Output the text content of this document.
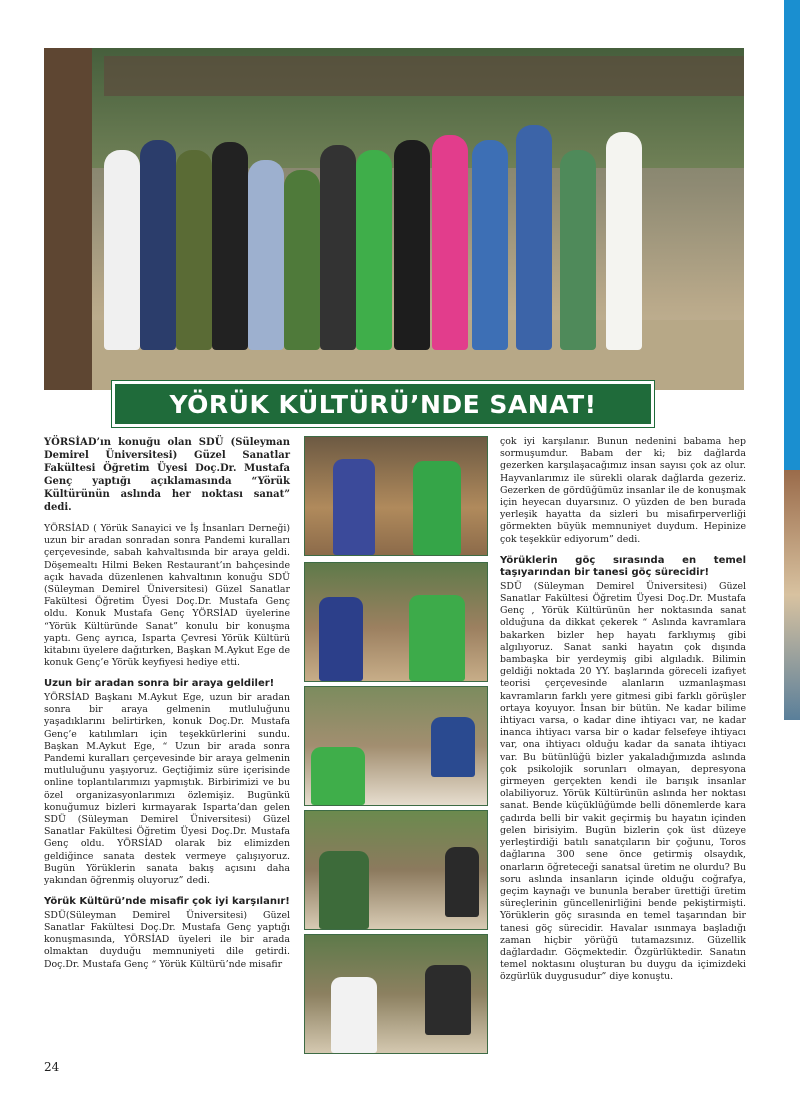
YÖRÜK KÜLTÜRÜ’NDE SANAT!

YÖRSİAD’ın konuğu olan SDÜ (Süleyman Demirel Üniversitesi) Güzel Sanatlar Fakültesi Öğretim Üyesi Doç.Dr. Mustafa Genç yaptığı açıklamasında “Yörük Kültürünün aslında her noktası sanat” dedi.

YÖRSİAD ( Yörük Sanayici ve İş İnsanları Derneği) uzun bir aradan sonradan sonra Pandemi kuralları çerçevesinde, sabah kahvaltısında bir araya geldi. Döşemealtı Hilmi Beken Restaurant’ın bahçesinde açık havada düzenlenen kahvaltının konuğu SDÜ (Süleyman Demirel Üniversitesi) Güzel Sanatlar Fakültesi Öğretim Üyesi Doç.Dr. Mustafa Genç oldu. Konuk Mustafa Genç YÖRSİAD üyelerine “Yörük Kültüründe Sanat” konulu bir konuşma yaptı. Genç ayrıca, Isparta Çevresi Yörük Kültürü kitabını üyelere dağıtırken, Başkan M.Aykut Ege de konuk Genç’e Yörük keyfiyesi hediye etti.

Uzun bir aradan sonra bir araya geldiler!

YÖRSİAD Başkanı M.Aykut Ege, uzun bir aradan sonra bir araya gelmenin mutluluğunu yaşadıklarını belirtirken, konuk Doç.Dr. Mustafa Genç’e katılımları için teşekkürlerini sundu. Başkan M.Aykut Ege, “ Uzun bir arada sonra Pandemi kuralları çerçevesinde bir araya gelmenin mutluluğunu yaşıyoruz. Geçtiğimiz süre içerisinde online toplantılarımızı yapmıştık. Birbirimizi ve bu özel organizasyonlarımızı özlemişiz. Bugünkü konuğumuz bizleri kırmayarak Isparta’dan gelen SDÜ (Süleyman Demirel Üniversitesi) Güzel Sanatlar Fakültesi Öğretim Üyesi Doç.Dr. Mustafa Genç oldu. YÖRSİAD olarak biz elimizden geldiğince sanata destek vermeye çalışıyoruz. Bugün Yörüklerin sanata bakış açısını daha yakından öğrenmiş oluyoruz” dedi.

Yörük Kültürü’nde misafir çok iyi karşılanır!

SDÜ(Süleyman Demirel Üniversitesi) Güzel Sanatlar Fakültesi Doç.Dr. Mustafa Genç yaptığı konuşmasında, YÖRSİAD üyeleri ile bir arada olmaktan duyduğu memnuniyeti dile getirdi. Doç.Dr. Mustafa Genç “ Yörük Kültürü’nde misafir

çok iyi karşılanır. Bunun nedenini babama hep sormuşumdur. Babam der ki; biz dağlarda gezerken karşılaşacağımız insan sayısı çok az olur. Hayvanlarımız ile sürekli olarak dağlarda gezeriz. Gezerken de gördüğümüz insanlar ile de konuşmak için heyecan duyarsınız. O yüzden de ben burada yerleşik hayatta da sizleri bu misafirperverliği görmekten büyük memnuniyet duydum. Hepinize çok teşekkür ediyorum” dedi.

Yörüklerin göç sırasında en temel taşıyarından bir tanesi göç sürecidir!

SDÜ (Süleyman Demirel Üniversitesi) Güzel Sanatlar Fakültesi Öğretim Üyesi Doç.Dr. Mustafa Genç , Yörük Kültürünün her noktasında sanat olduğuna da dikkat çekerek “ Aslında kavramlara bakarken bizler hep hayatı farklıymış gibi algılıyoruz. Sanat sanki hayatın çok dışında bambaşka bir yerdeymiş gibi algıladık. Bilimin geldiği noktada 20 YY. başlarında göreceli izafiyet teorisi çerçevesinde alanların uzmanlaşması kavramların farklı yere gitmesi gibi farklı görüşler ortaya koyuyor. İnsan bir bütün. Ne kadar bilime ihtiyacı varsa, o kadar dine ihtiyacı var, ne kadar inanca ihtiyacı varsa bir o kadar felsefeye ihtiyacı var, ona ihtiyacı olduğu kadar da sanata ihtiyacı var. Bu bütünlüğü bizler yakaladığımızda aslında çok psikolojik sorunları olmayan, depresyona girmeyen gerçekten kendi ile barışık insanlar olabiliyoruz. Yörük Kültürünün aslında her noktası sanat. Bende küçüklüğümde belli dönemlerde kara çadırda belli bir vakit geçirmiş bu hayatın içinden gelen birisiyim. Bugün bizlerin çok üst düzeye yerleştirdiği batılı sanatçıların bir çoğunu, Toros dağlarına 300 sene önce getirmiş olsaydık, onarların öğreteceği sanatsal üretim ne olurdu? Bu soru aslında insanların içinde olduğu coğrafya, geçim kaynağı ve bununla beraber ürettiği üretim süreçlerinin güncellenirliğini bende pekiştirmişti. Yörüklerin göç sırasında en temel taşarından bir tanesi göç sürecidir. Havalar ısınmaya başladığı zaman hiçbir yörüğü tutamazsınız. Güzellik dağlardadır. Göçmektedir. Özgürlüktedir. Sanatın temel noktasını oluşturan bu duygu da içimizdeki özgürlük duygusudur” diye konuştu.

24
